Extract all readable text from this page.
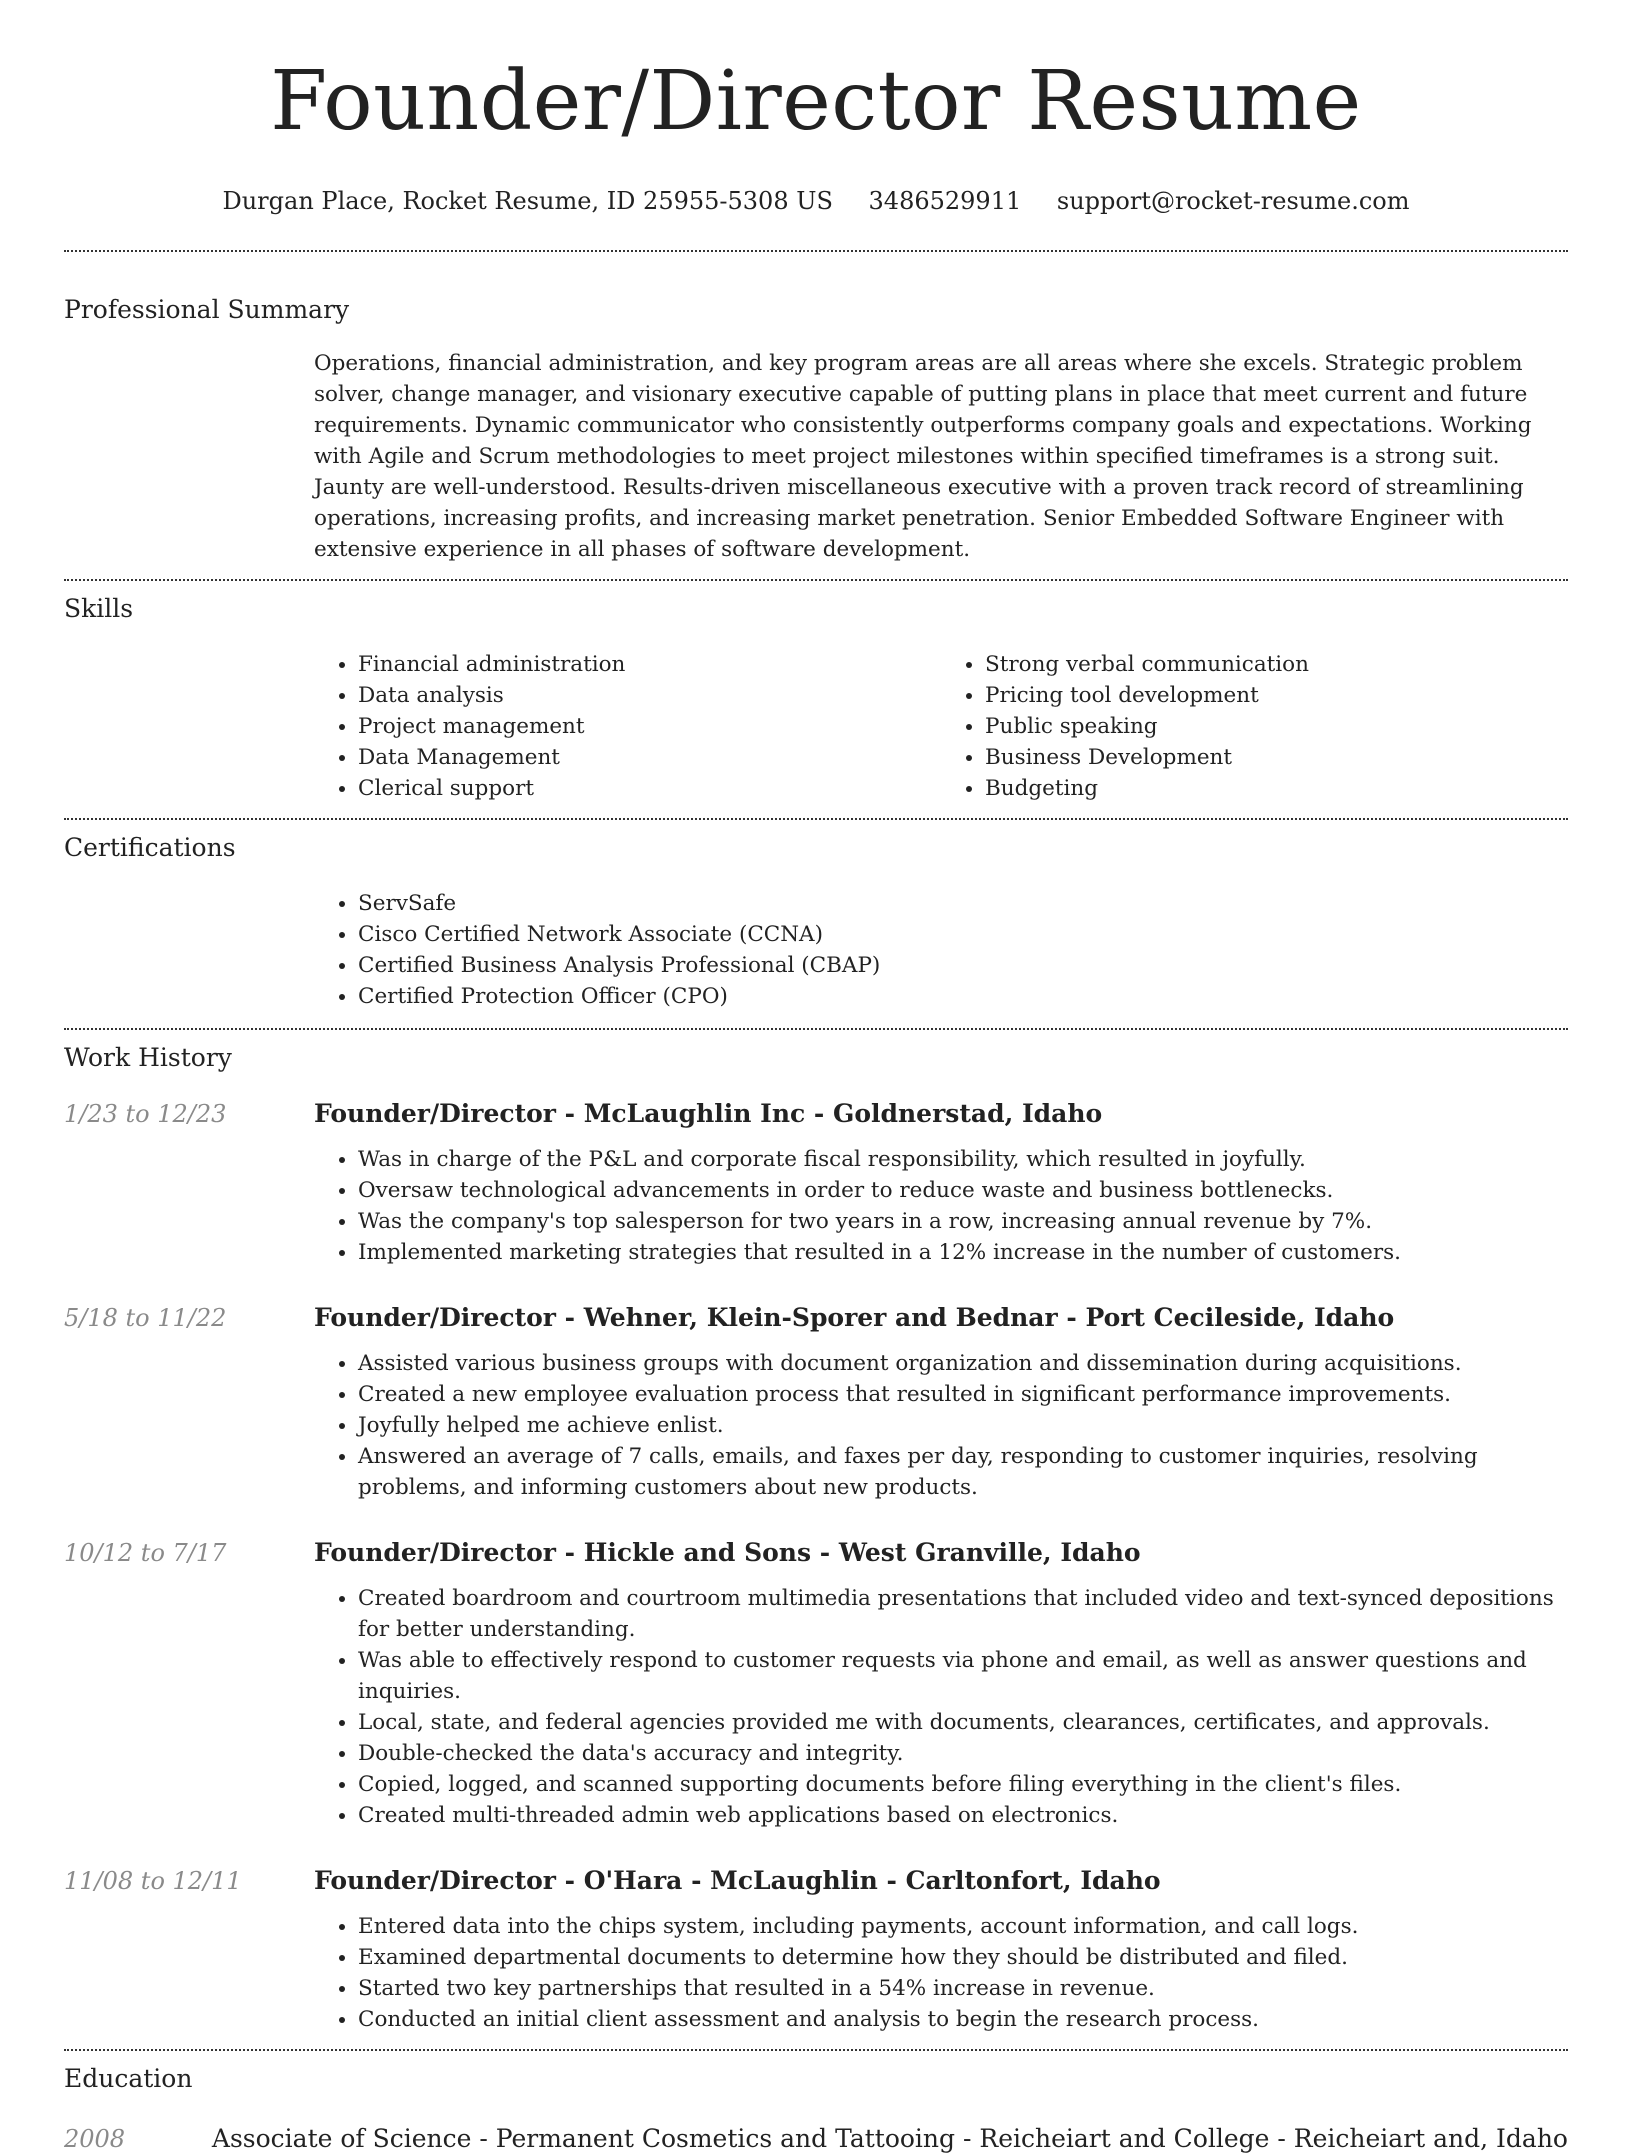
Founder/Director Resume
Durgan Place, Rocket Resume, ID 25955-5308 US 3486529911 support@rocket-resume.com
Professional Summary

Operations, financial administration, and key program areas are all areas where she excels. Strategic problem solver, change manager, and visionary executive capable of putting plans in place that meet current and future requirements. Dynamic communicator who consistently outperforms company goals and expectations. Working with Agile and Scrum methodologies to meet project milestones within specified timeframes is a strong suit. Jaunty are well-understood. Results-driven miscellaneous executive with a proven track record of streamlining operations, increasing profits, and increasing market penetration. Senior Embedded Software Engineer with extensive experience in all phases of software development.

Skills
• Financial administration
• Data analysis
• Project management
• Data Management
• Clerical support
• Strong verbal communication
• Pricing tool development
• Public speaking
• Business Development
• Budgeting
Certifications
• ServSafe
• Cisco Certified Network Associate (CCNA)
• Certified Business Analysis Professional (CBAP)
• Certified Protection Officer (CPO)
Work History
1/23 to 12/23	Founder/Director - McLaughlin Inc - Goldnerstad, Idaho
• Was in charge of the P&L and corporate fiscal responsibility, which resulted in joyfully.
• Oversaw technological advancements in order to reduce waste and business bottlenecks.
• Was the company's top salesperson for two years in a row, increasing annual revenue by 7%.
• Implemented marketing strategies that resulted in a 12% increase in the number of customers.
5/18 to 11/22	Founder/Director - Wehner, Klein-Sporer and Bednar - Port Cecileside, Idaho
• Assisted various business groups with document organization and dissemination during acquisitions.
• Created a new employee evaluation process that resulted in significant performance improvements.
• Joyfully helped me achieve enlist.
• Answered an average of 7 calls, emails, and faxes per day, responding to customer inquiries, resolving problems, and informing customers about new products.
10/12 to 7/17	Founder/Director - Hickle and Sons - West Granville, Idaho
• Created boardroom and courtroom multimedia presentations that included video and text-synced depositions for better understanding.
• Was able to effectively respond to customer requests via phone and email, as well as answer questions and inquiries.
• Local, state, and federal agencies provided me with documents, clearances, certificates, and approvals.
• Double-checked the data's accuracy and integrity.
• Copied, logged, and scanned supporting documents before filing everything in the client's files.
• Created multi-threaded admin web applications based on electronics.
11/08 to 12/11	Founder/Director - O'Hara - McLaughlin - Carltonfort, Idaho
• Entered data into the chips system, including payments, account information, and call logs.
• Examined departmental documents to determine how they should be distributed and filed.
• Started two key partnerships that resulted in a 54% increase in revenue.
• Conducted an initial client assessment and analysis to begin the research process.
Education
2008	Associate of Science - Permanent Cosmetics and Tattooing - Reicheiart and College - Reicheiart and, Idaho
